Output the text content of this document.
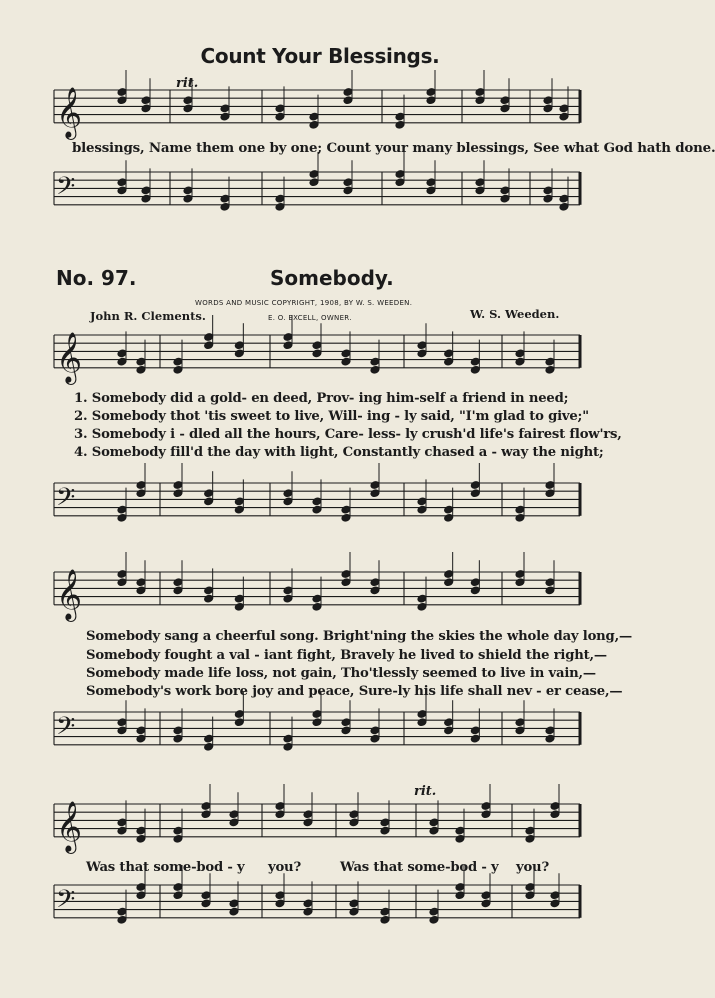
Count Your Blessings.
rit.
blessings, Name them one by one; Count your many blessings, See what God hath done.
No. 97.	Somebody.
WORDS AND MUSIC COPYRIGHT, 1908, BY W. S. WEEDEN.
E. O. EXCELL, OWNER.
John R. Clements.	W. S. Weeden.
1. Somebody did a gold- en deed, Prov- ing him-self a friend in need;
2. Somebody thot 'tis sweet to live, Will- ing - ly said, "I'm glad to give;"
3. Somebody i - dled all the hours, Care- less- ly crush'd life's fairest flow'rs,
4. Somebody fill'd the day with light, Constantly chased a - way the night;
Somebody sang a cheerful song. Bright'ning the skies the whole day long,—
Somebody fought a val - iant fight, Bravely he lived to shield the right,—
Somebody made life loss, not gain, Tho'tlessly seemed to live in vain,—
Somebody's work bore joy and peace, Sure-ly his life shall nev - er cease,—
rit.
Was that some-bod - y you?	Was that some-bod - y you?
𝄞
𝄢
𝄞
𝄢
𝄞
𝄢
𝄞
𝄢
